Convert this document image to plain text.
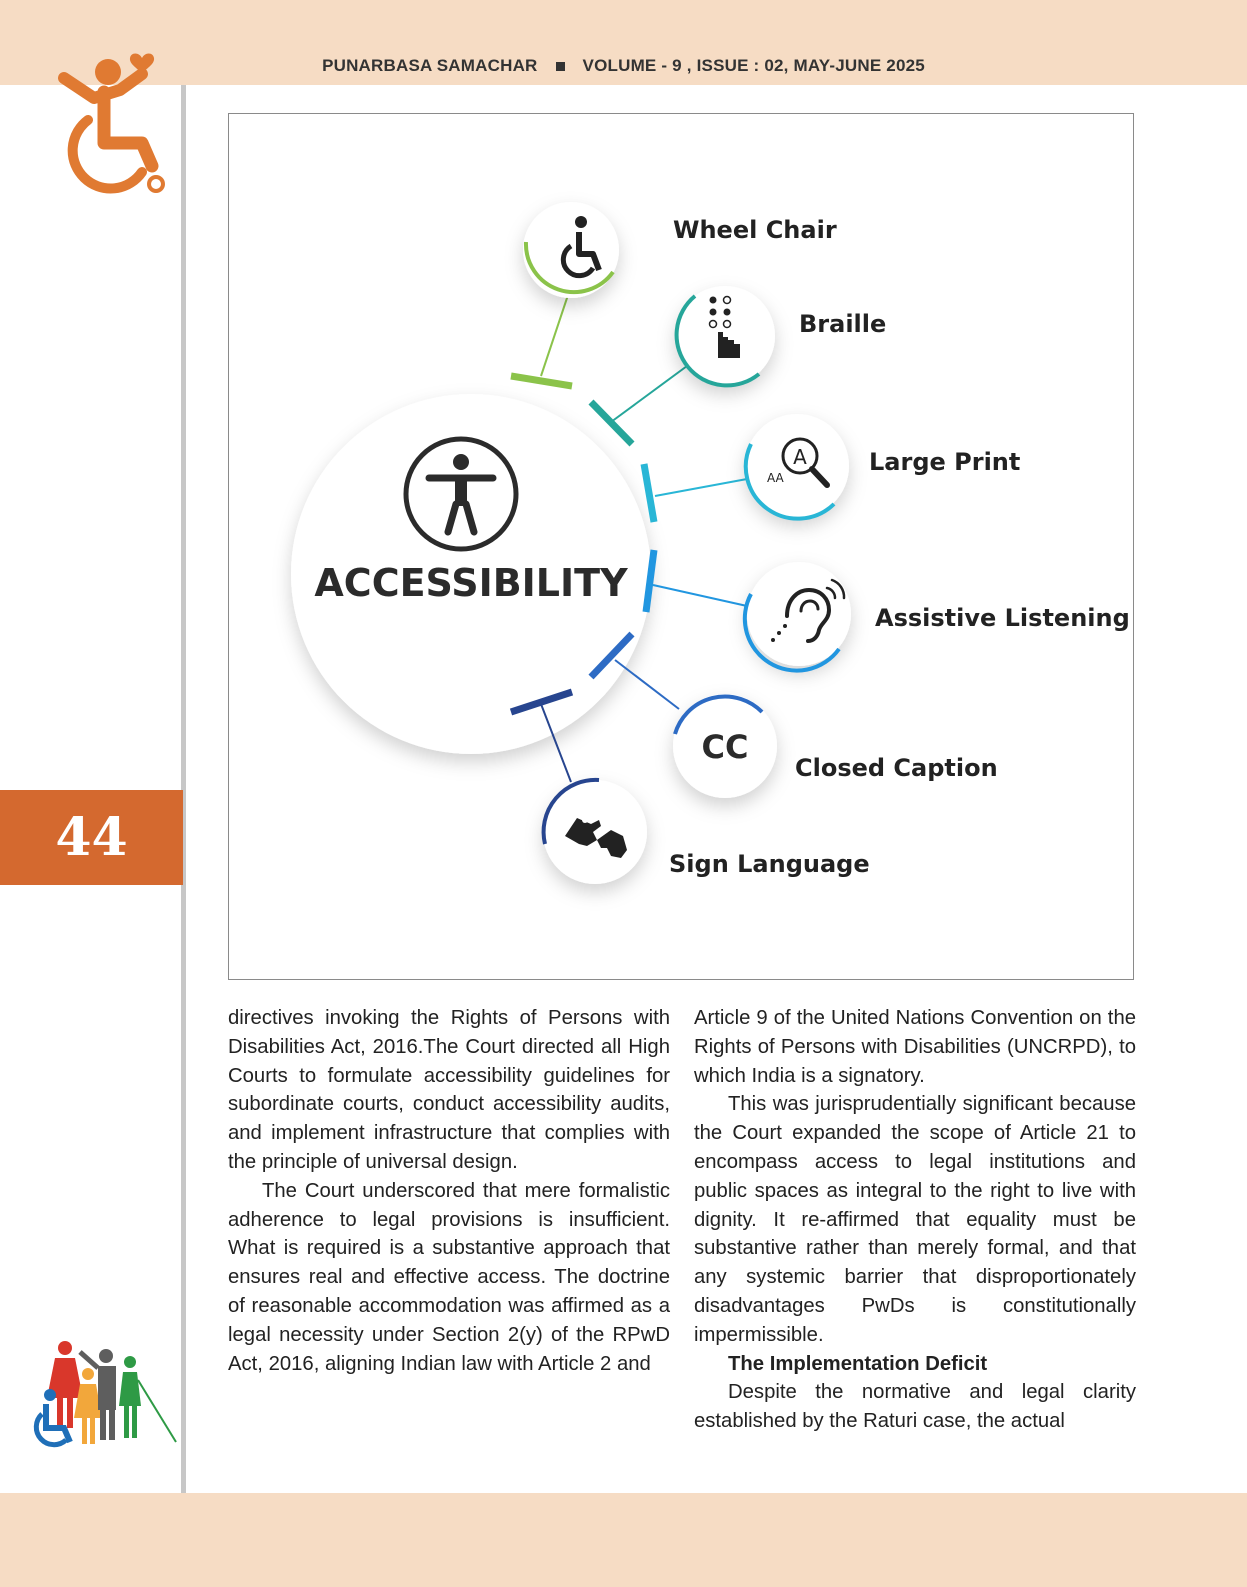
PUNARBASA SAMACHAR	VOLUME - 9 , ISSUE : 02, MAY-JUNE 2025
44
ACCESSIBILITY
Wheel Chair
Braille
A
AA
Large Print
Assistive Listening
CC
Closed Caption
Sign Language

directives invoking the Rights of Persons with Disabilities Act, 2016.The Court directed all High Courts to formulate accessibility guidelines for subordinate courts, conduct accessibility audits, and implement infrastructure that complies with the principle of universal design.

The Court underscored that mere formalistic adherence to legal provisions is insufficient. What is required is a substantive approach that ensures real and effective access. The doctrine of reasonable accommodation was affirmed as a legal necessity under Section 2(y) of the RPwD Act, 2016, aligning Indian law with Article 2 and

Article 9 of the United Nations Convention on the Rights of Persons with Disabilities (UNCRPD), to which India is a signatory.

This was jurisprudentially significant because the Court expanded the scope of Article 21 to encompass access to legal institutions and public spaces as integral to the right to live with dignity. It re-affirmed that equality must be substantive rather than merely formal, and that any systemic barrier that disproportionately disadvantages PwDs is constitutionally impermissible.

The Implementation Deficit

Despite the normative and legal clarity established by the Raturi case, the actual
